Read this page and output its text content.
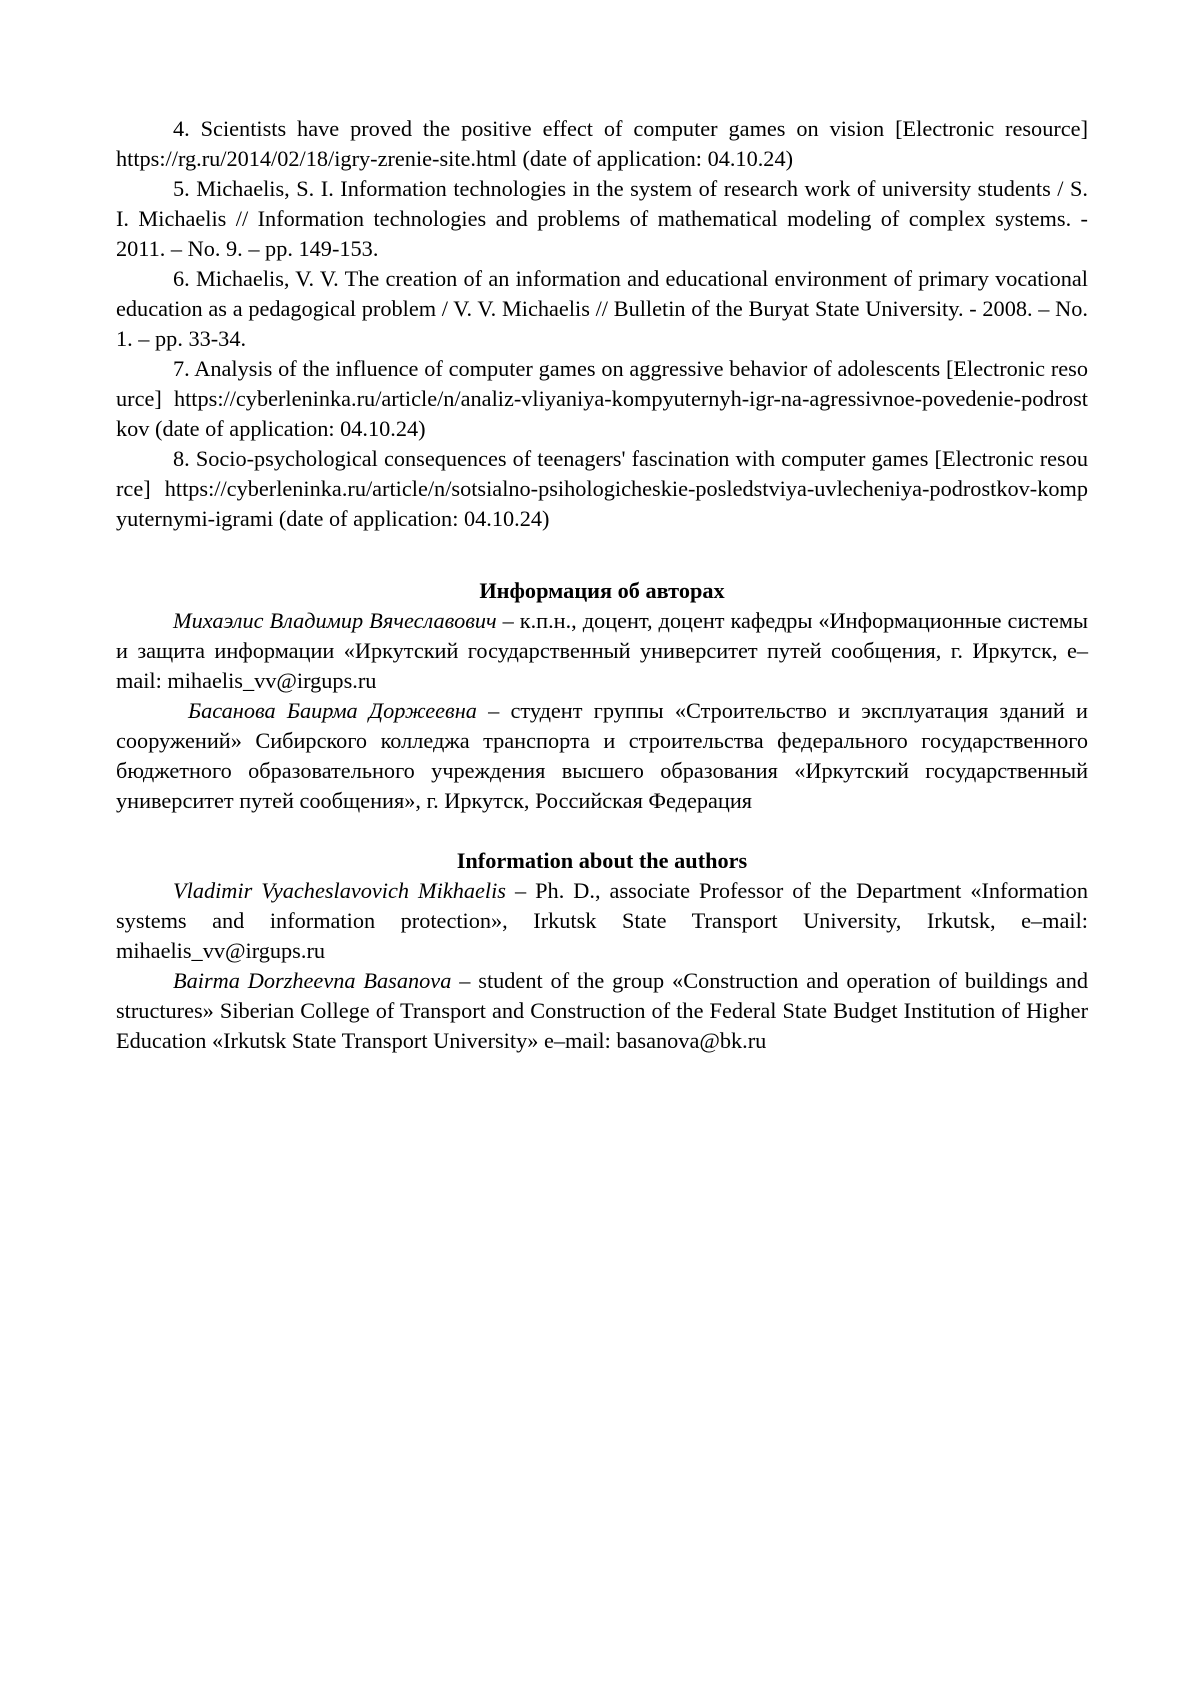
4. Scientists have proved the positive effect of computer games on vision [Electronic resource] https://rg.ru/2014/02/18/igry-zrenie-site.html (date of application: 04.10.24)

5. Michaelis, S. I. Information technologies in the system of research work of university students / S. I. Michaelis // Information technologies and problems of mathematical modeling of complex systems. - 2011. – No. 9. – pp. 149-153.

6. Michaelis, V. V. The creation of an information and educational environment of primary vocational education as a pedagogical problem / V. V. Michaelis // Bulletin of the Buryat State University. - 2008. – No. 1. – pp. 33-34.

7. Analysis of the influence of computer games on aggressive behavior of adolescents [Electronic resource] https://cyberleninka.ru/article/n/analiz-vliyaniya-kompyuternyh-igr-na-agressivnoe-povedenie-podrostkov (date of application: 04.10.24)

8. Socio-psychological consequences of teenagers' fascination with computer games [Electronic resource] https://cyberleninka.ru/article/n/sotsialno-psihologicheskie-posledstviya-uvlecheniya-podrostkov-kompyuternymi-igrami (date of application: 04.10.24)

Информация об авторах

Михаэлис Владимир Вячеславович – к.п.н., доцент, доцент кафедры «Информационные системы и защита информации «Иркутский государственный университет путей сообщения, г. Иркутск, e–mail: mihaelis_vv@irgups.ru

Басанова Баирма Доржеевна – студент группы «Строительство и эксплуатация зданий и сооружений» Сибирского колледжа транспорта и строительства федерального государственного бюджетного образовательного учреждения высшего образования «Иркутский государственный университет путей сообщения», г. Иркутск, Российская Федерация

Information about the authors

Vladimir Vyacheslavovich Mikhaelis – Ph. D., associate Professor of the Department «Information systems and information protection», Irkutsk State Transport University, Irkutsk, e–mail: mihaelis_vv@irgups.ru

Bairma Dorzheevna Basanova – student of the group «Construction and operation of buildings and structures» Siberian College of Transport and Construction of the Federal State Budget Institution of Higher Education «Irkutsk State Transport University» e–mail: basanova@bk.ru
